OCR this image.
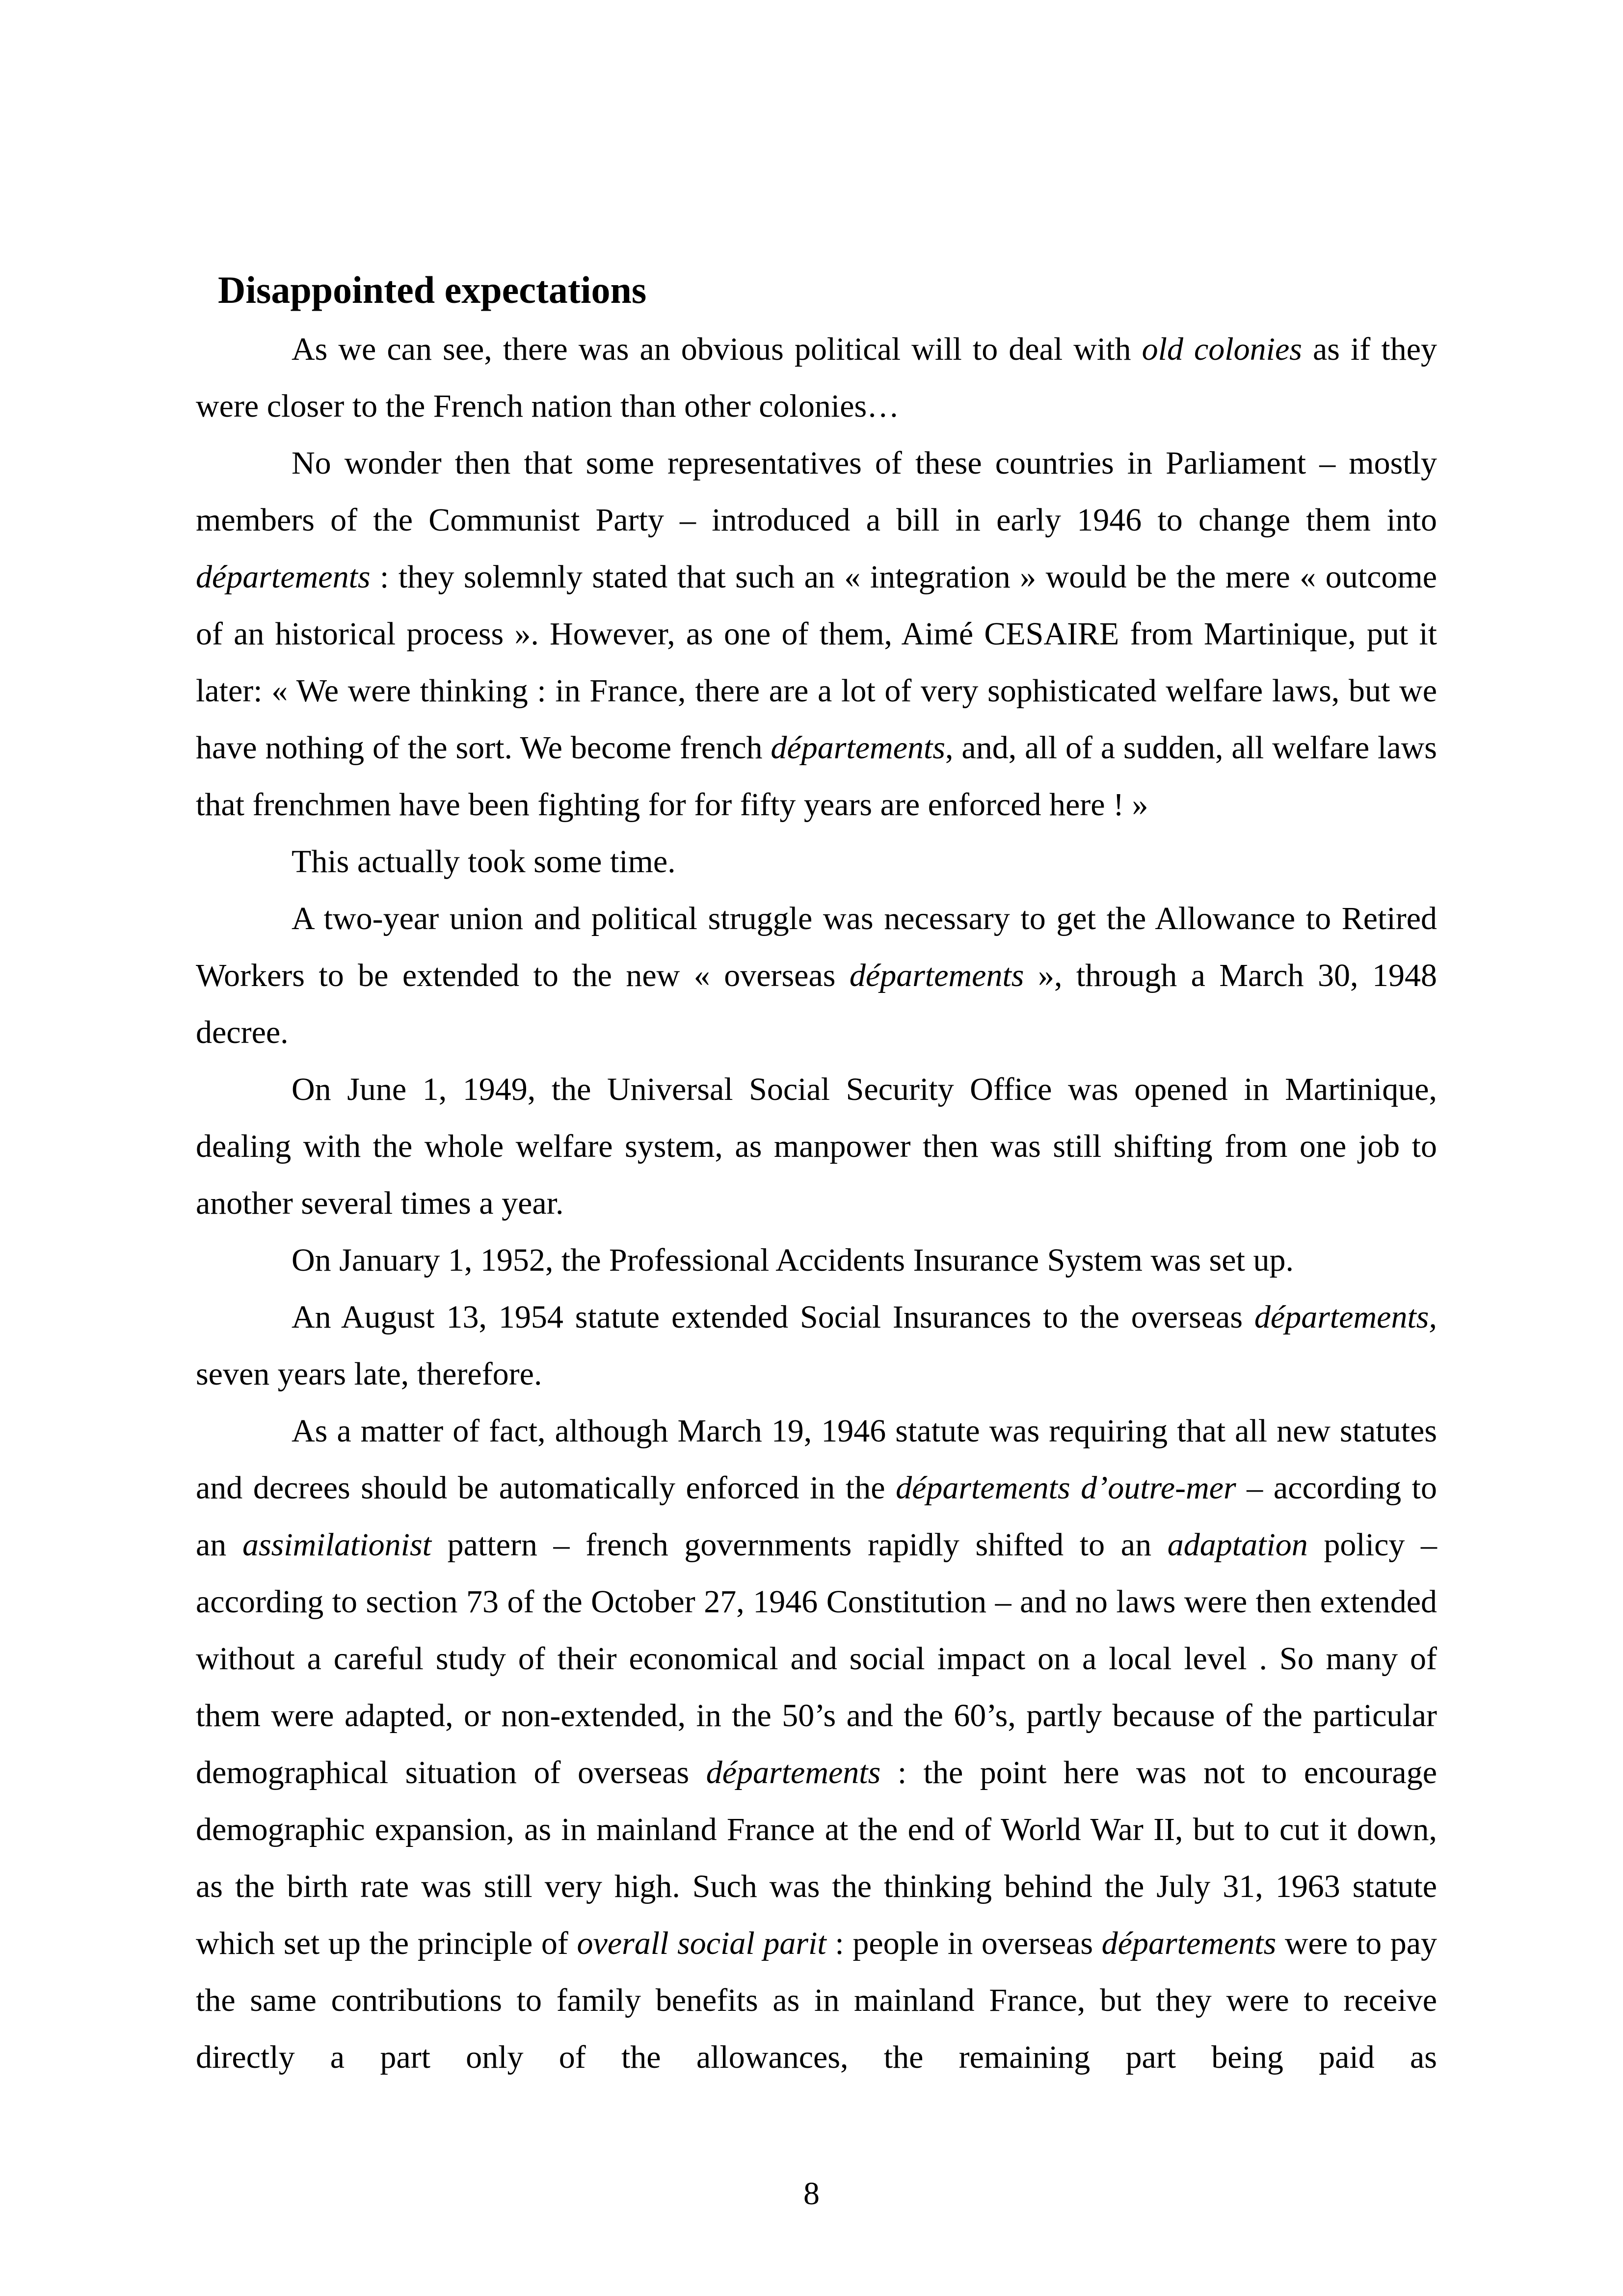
Disappointed expectations

As we can see, there was an obvious political will to deal with old colonies as if they were closer to the French nation than other colonies…

No wonder then that some representatives of these countries in Parliament – mostly members of the Communist Party – introduced a bill in early 1946 to change them into départements : they solemnly stated that such an « integration » would be the mere « outcome of an historical process ». However, as one of them, Aimé CESAIRE from Martinique, put it later: « We were thinking : in France, there are a lot of very sophisticated welfare laws, but we have nothing of the sort. We become french départements, and, all of a sudden, all welfare laws that frenchmen have been fighting for for fifty years are enforced here ! »

This actually took some time.

A two-year union and political struggle was necessary to get the Allowance to Retired Workers to be extended to the new « overseas départements », through a March 30, 1948 decree.

On June 1, 1949, the Universal Social Security Office was opened in Martinique, dealing with the whole welfare system, as manpower then was still shifting from one job to another several times a year.

On January 1, 1952, the Professional Accidents Insurance System was set up.

An August 13, 1954 statute extended Social Insurances to the overseas départements, seven years late, therefore.

As a matter of fact, although March 19, 1946 statute was requiring that all new statutes and decrees should be automatically enforced in the départements d’outre-mer – according to an assimilationist pattern – french governments rapidly shifted to an adaptation policy – according to section 73 of the October 27, 1946 Constitution – and no laws were then extended without a careful study of their economical and social impact on a local level . So many of them were adapted, or non-extended, in the 50’s and the 60’s, partly because of the particular demographical situation of overseas départements : the point here was not to encourage demographic expansion, as in mainland France at the end of World War II, but to cut it down, as the birth rate was still very high. Such was the thinking behind the July 31, 1963 statute which set up the principle of overall social parit : people in overseas départements were to pay the same contributions to family benefits as in mainland France, but they were to receive directly a part only of the allowances, the remaining part being paid as

8
